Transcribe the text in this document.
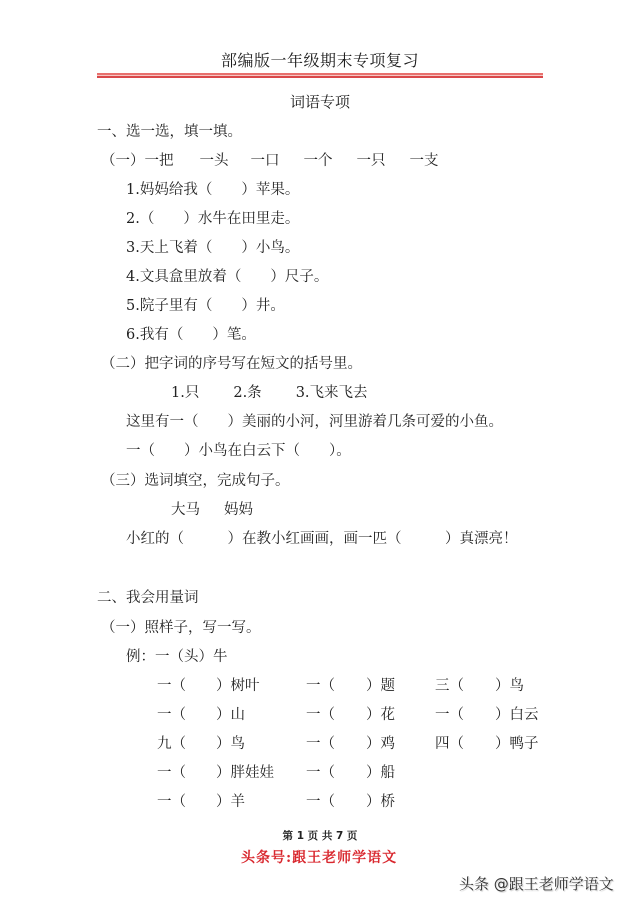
部编版一年级期末专项复习
词语专项
一、选一选，填一填。
（一）一把 一头 一口 一个 一只 一支
1.妈妈给我（　　）苹果。
2.（　　）水牛在田里走。
3.天上飞着（　　）小鸟。
4.文具盒里放着（　　）尺子。
5.院子里有（　　）井。
6.我有（　　）笔。
（二）把字词的序号写在短文的括号里。
1.只 2.条 3.飞来飞去
这里有一（　　）美丽的小河，河里游着几条可爱的小鱼。
一（　　）小鸟在白云下（　　）。
（三）选词填空，完成句子。
大马 妈妈
小红的（　　　）在教小红画画，画一匹（　　　）真漂亮！
二、我会用量词
（一）照样子，写一写。
例：一（头）牛
一（ ）树叶	一（ ）题	三（ ）鸟
一（ ）山	一（ ）花	一（ ）白云
九（ ）鸟	一（ ）鸡	四（ ）鸭子
一（ ）胖娃娃 一（ ）船
一（ ）羊	一（ ）桥
第 1 页 共 7 页
头条号:跟王老师学语文
头条 @跟王老师学语文
